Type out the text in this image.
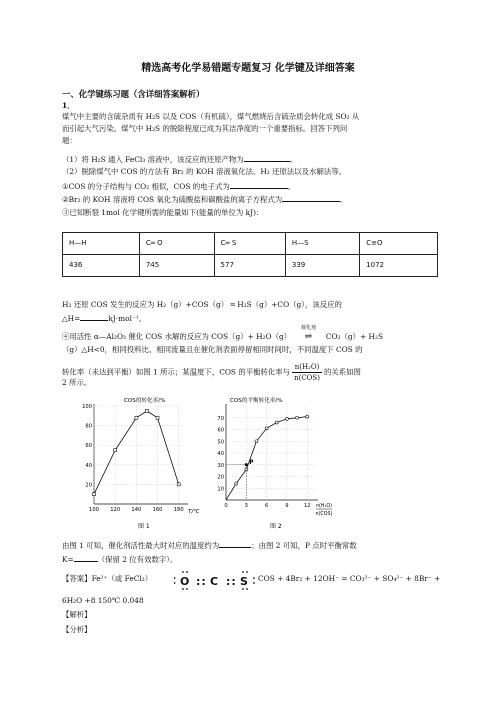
精选高考化学易错题专题复习 化学键及详细答案
一、化学键练习题（含详细答案解析）
1．
煤气中主要的含硫杂质有 H₂S 以及 COS（有机硫），煤气燃烧后含硫杂质会转化成 SO₂ 从
而引起大气污染。煤气中 H₂S 的脱除程度已成为其洁净度的一个重要指标。回答下列问
题：
（1）将 H₂S 通入 FeCl₃ 溶液中，该反应的还原产物为	。
（2）脱除煤气中 COS 的方法有 Br₂ 的 KOH 溶液氧化法、H₂ 还原法以及水解法等。
①COS 的分子结构与 CO₂ 相似，COS 的电子式为	。
②Br₂ 的 KOH 溶液将 COS 氧化为硫酸盐和碳酸盐的离子方程式为	。
③已知断裂 1mol 化学键所需的能量如下(能量的单位为 kJ)：
H—H	C═ O	C═ S	H—S	C≡O
436	745	577	339	1072
H₂ 还原 COS 发生的反应为 H₂（g）+COS（g） ═ H₂S（g）+CO（g），该反应的
△H=	kJ·mol⁻¹。
④用活性 α—Al₂O₃ 催化 COS 水解的反应为 COS（g）+ H₂O（g）
催化剂
⇌ CO₂（g）+ H₂S
（g）△H<0，相同投料比、相同流量且在催化剂表面停留相同时间时，不同温度下 COS 的
转化率（未达到平衡）如图 1 所示；某温度下，COS 的平衡转化率与 $\frac{\text{n(H₂O)}}{\text{n(COS)}}$ 的关系如图
2 所示。
COS的转化率/%
20
40
60
80
100
100 120 140 160 180 T/℃
图 1
COS的平衡转化率/%
10
20
30
40
50
60
70
0	3	6	9	12
P
n(H₂O)
n(COS)
图 2
由图 1 可知，催化剂活性最大时对应的温度约为	；由图 2 可知，P 点时平衡常数
K=	（保留 2 位有效数字）。
【答案】Fe²⁺（或 FeCl₂）	O :: C :: S COS + 4Br₂ + 12OH⁻ = CO₃²⁻ + SO₄²⁻ + 8Br⁻ +
6H₂O +8 150℃ 0.048
【解析】
【分析】
